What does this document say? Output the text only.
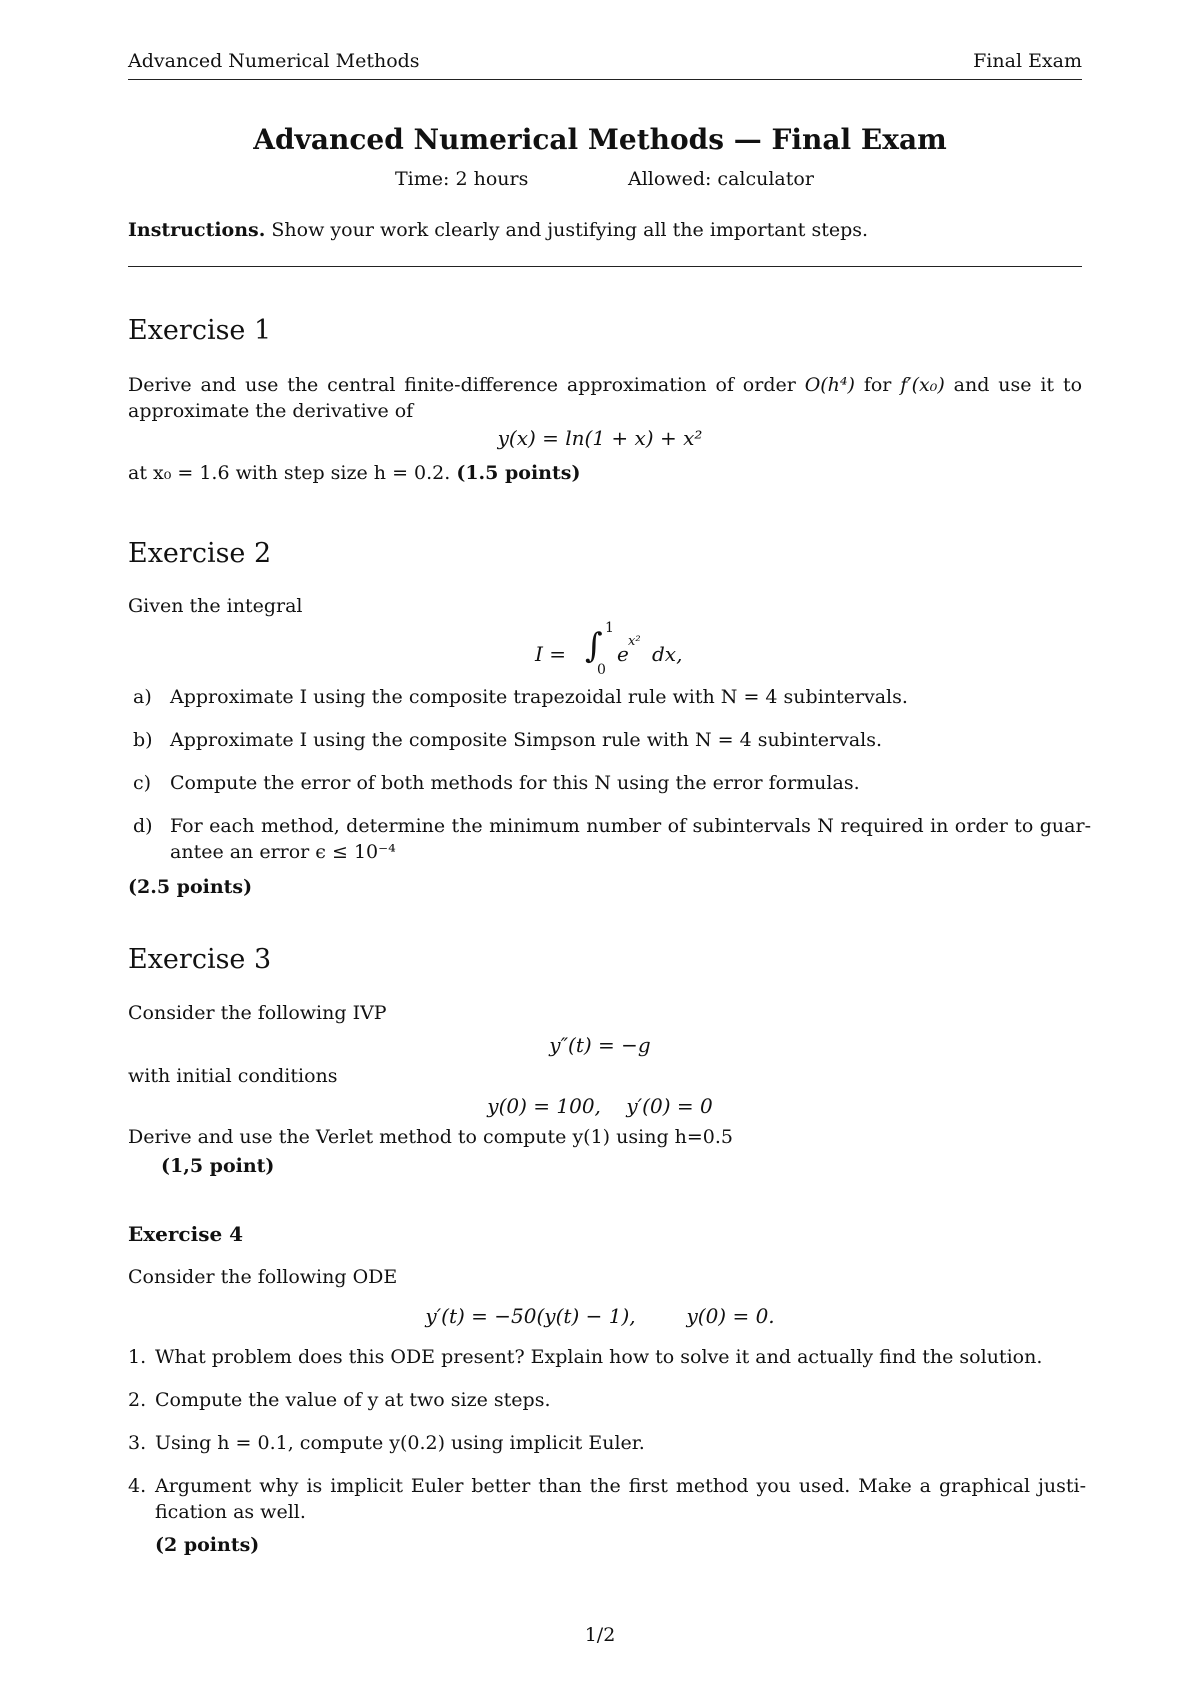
Advanced Numerical Methods	Final Exam
Advanced Numerical Methods — Final Exam
Time: 2 hours	Allowed: calculator
Instructions. Show your work clearly and justifying all the important steps.
Exercise 1
Derive and use the central finite-difference approximation of order O(h⁴) for f′(x₀) and use it to
approximate the derivative of
y(x) = ln(1 + x) + x²
at x₀ = 1.6 with step size h = 0.2. (1.5 points)
Exercise 2
Given the integral
I = ∫ 1
0
e
x²
dx,
a) Approximate I using the composite trapezoidal rule with N = 4 subintervals.
b) Approximate I using the composite Simpson rule with N = 4 subintervals.
c) Compute the error of both methods for this N using the error formulas.
d) For each method, determine the minimum number of subintervals N required in order to guar-
antee an error ϵ ≤ 10⁻⁴
(2.5 points)
Exercise 3
Consider the following IVP
y″(t) = −g
with initial conditions
y(0) = 100,    y′(0) = 0
Derive and use the Verlet method to compute y(1) using h=0.5
(1,5 point)
Exercise 4
Consider the following ODE
y′(t) = −50(y(t) − 1),        y(0) = 0.
1. What problem does this ODE present? Explain how to solve it and actually find the solution.
2. Compute the value of y at two size steps.
3. Using h = 0.1, compute y(0.2) using implicit Euler.
4. Argument why is implicit Euler better than the first method you used. Make a graphical justi-
fication as well.
(2 points)
1/2
